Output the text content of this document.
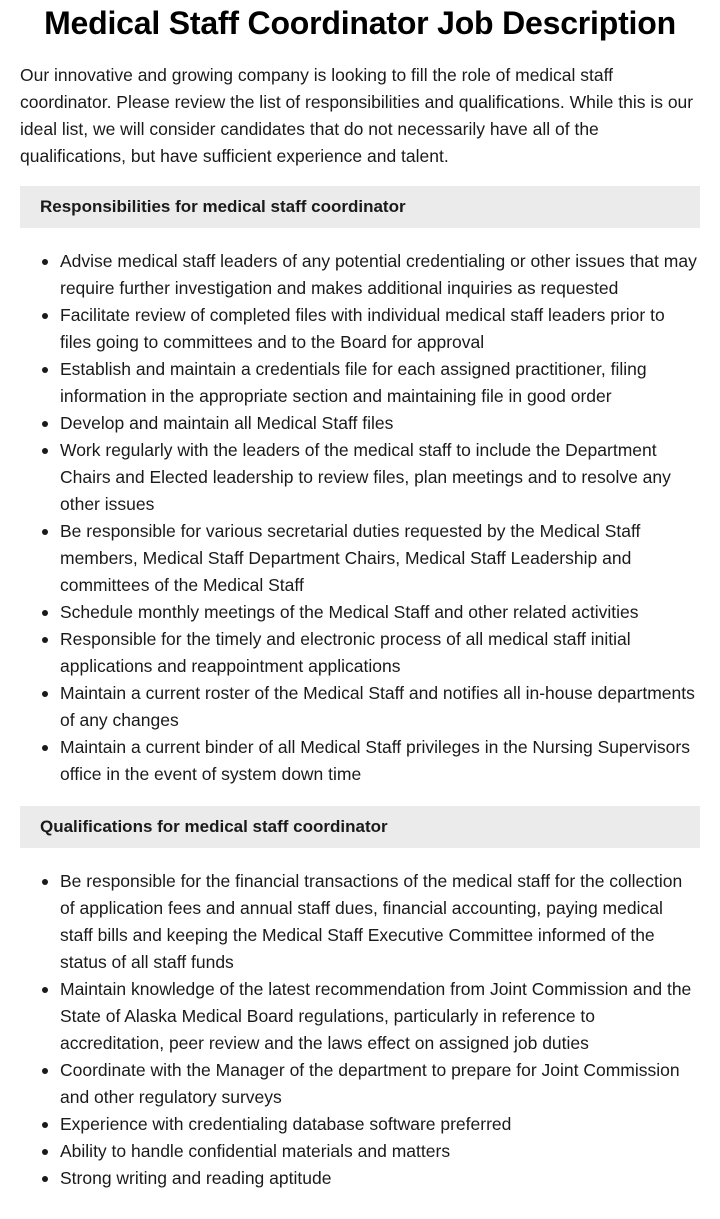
Medical Staff Coordinator Job Description

Our innovative and growing company is looking to fill the role of medical staff coordinator. Please review the list of responsibilities and qualifications. While this is our ideal list, we will consider candidates that do not necessarily have all of the qualifications, but have sufficient experience and talent.

Responsibilities for medical staff coordinator
Advise medical staff leaders of any potential credentialing or other issues that may require further investigation and makes additional inquiries as requested
Facilitate review of completed files with individual medical staff leaders prior to files going to committees and to the Board for approval
Establish and maintain a credentials file for each assigned practitioner, filing information in the appropriate section and maintaining file in good order
Develop and maintain all Medical Staff files
Work regularly with the leaders of the medical staff to include the Department Chairs and Elected leadership to review files, plan meetings and to resolve any other issues
Be responsible for various secretarial duties requested by the Medical Staff members, Medical Staff Department Chairs, Medical Staff Leadership and committees of the Medical Staff
Schedule monthly meetings of the Medical Staff and other related activities
Responsible for the timely and electronic process of all medical staff initial applications and reappointment applications
Maintain a current roster of the Medical Staff and notifies all in-house departments of any changes
Maintain a current binder of all Medical Staff privileges in the Nursing Supervisors office in the event of system down time
Qualifications for medical staff coordinator
Be responsible for the financial transactions of the medical staff for the collection of application fees and annual staff dues, financial accounting, paying medical staff bills and keeping the Medical Staff Executive Committee informed of the status of all staff funds
Maintain knowledge of the latest recommendation from Joint Commission and the State of Alaska Medical Board regulations, particularly in reference to accreditation, peer review and the laws effect on assigned job duties
Coordinate with the Manager of the department to prepare for Joint Commission and other regulatory surveys
Experience with credentialing database software preferred
Ability to handle confidential materials and matters
Strong writing and reading aptitude
